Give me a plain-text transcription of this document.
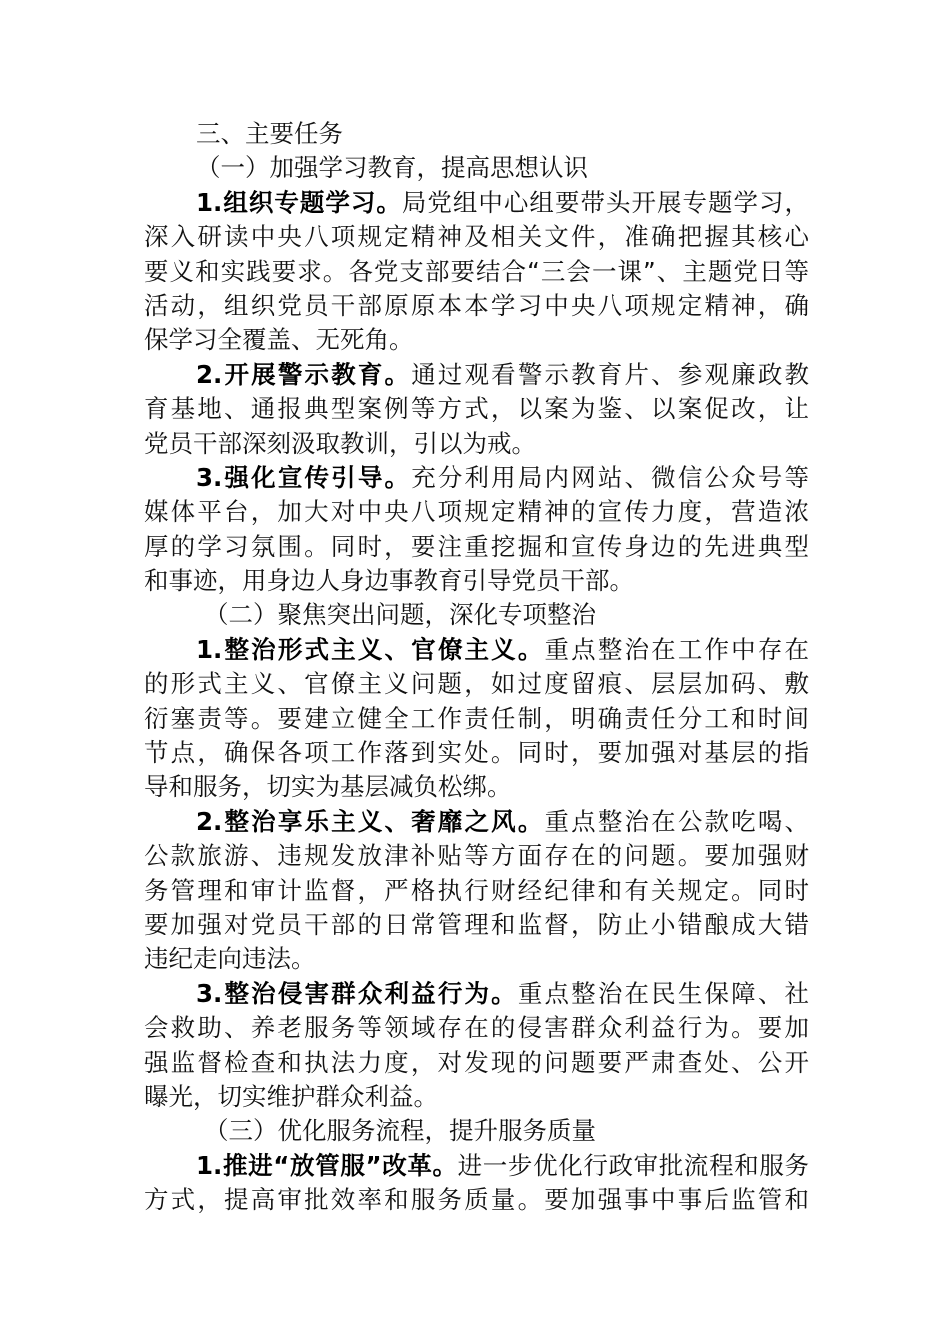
三、主要任务

（一）加强学习教育，提高思想认识

1.组织专题学习。局党组中心组要带头开展专题学习，

深入研读中央八项规定精神及相关文件，准确把握其核心

要义和实践要求。各党支部要结合“三会一课”、主题党日等

活动，组织党员干部原原本本学习中央八项规定精神，确

保学习全覆盖、无死角。

2.开展警示教育。通过观看警示教育片、参观廉政教

育基地、通报典型案例等方式，以案为鉴、以案促改，让

党员干部深刻汲取教训，引以为戒。

3.强化宣传引导。充分利用局内网站、微信公众号等

媒体平台，加大对中央八项规定精神的宣传力度，营造浓

厚的学习氛围。同时，要注重挖掘和宣传身边的先进典型

和事迹，用身边人身边事教育引导党员干部。

（二）聚焦突出问题，深化专项整治

1.整治形式主义、官僚主义。重点整治在工作中存在

的形式主义、官僚主义问题，如过度留痕、层层加码、敷

衍塞责等。要建立健全工作责任制，明确责任分工和时间

节点，确保各项工作落到实处。同时，要加强对基层的指

导和服务，切实为基层减负松绑。

2.整治享乐主义、奢靡之风。重点整治在公款吃喝、

公款旅游、违规发放津补贴等方面存在的问题。要加强财

务管理和审计监督，严格执行财经纪律和有关规定。同时

要加强对党员干部的日常管理和监督，防止小错酿成大错

违纪走向违法。

3.整治侵害群众利益行为。重点整治在民生保障、社

会救助、养老服务等领域存在的侵害群众利益行为。要加

强监督检查和执法力度，对发现的问题要严肃查处、公开

曝光，切实维护群众利益。

（三）优化服务流程，提升服务质量

1.推进“放管服”改革。进一步优化行政审批流程和服务

方式，提高审批效率和服务质量。要加强事中事后监管和
